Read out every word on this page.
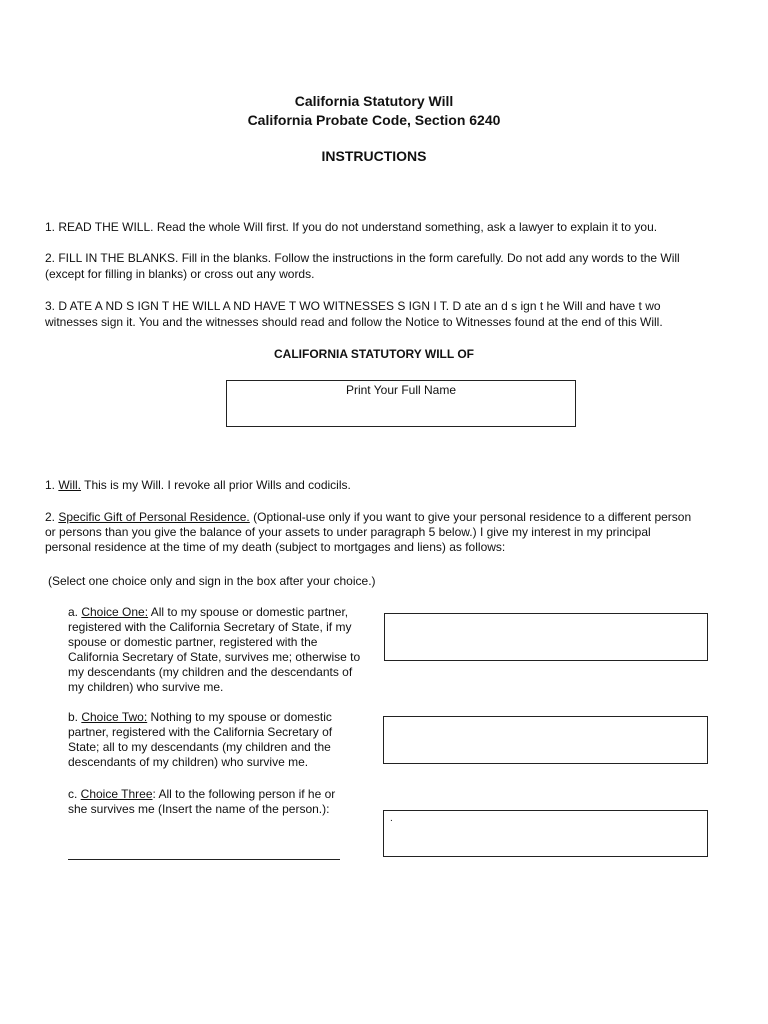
California Statutory Will
California Probate Code, Section 6240
INSTRUCTIONS

1. READ THE WILL. Read the whole Will first. If you do not understand something, ask a lawyer to explain it to you.

2. FILL IN THE BLANKS. Fill in the blanks. Follow the instructions in the form carefully. Do not add any words to the Will (except for filling in blanks) or cross out any words.

3. D ATE A ND S IGN T HE WILL A ND HAVE T WO WITNESSES S IGN I T. D ate an d s ign t he Will and have t wo witnesses sign it. You and the witnesses should read and follow the Notice to Witnesses found at the end of this Will.

CALIFORNIA STATUTORY WILL OF
Print Your Full Name

1. Will. This is my Will. I revoke all prior Wills and codicils.

2. Specific Gift of Personal Residence. (Optional-use only if you want to give your personal residence to a different person or persons than you give the balance of your assets to under paragraph 5 below.) I give my interest in my principal personal residence at the time of my death (subject to mortgages and liens) as follows:

(Select one choice only and sign in the box after your choice.)

a. Choice One: All to my spouse or domestic partner, registered with the California Secretary of State, if my spouse or domestic partner, registered with the California Secretary of State, survives me; otherwise to my descendants (my children and the descendants of my children) who survive me.

b. Choice Two: Nothing to my spouse or domestic partner, registered with the California Secretary of State; all to my descendants (my children and the descendants of my children) who survive me.

c. Choice Three: All to the following person if he or she survives me (Insert the name of the person.):

.
